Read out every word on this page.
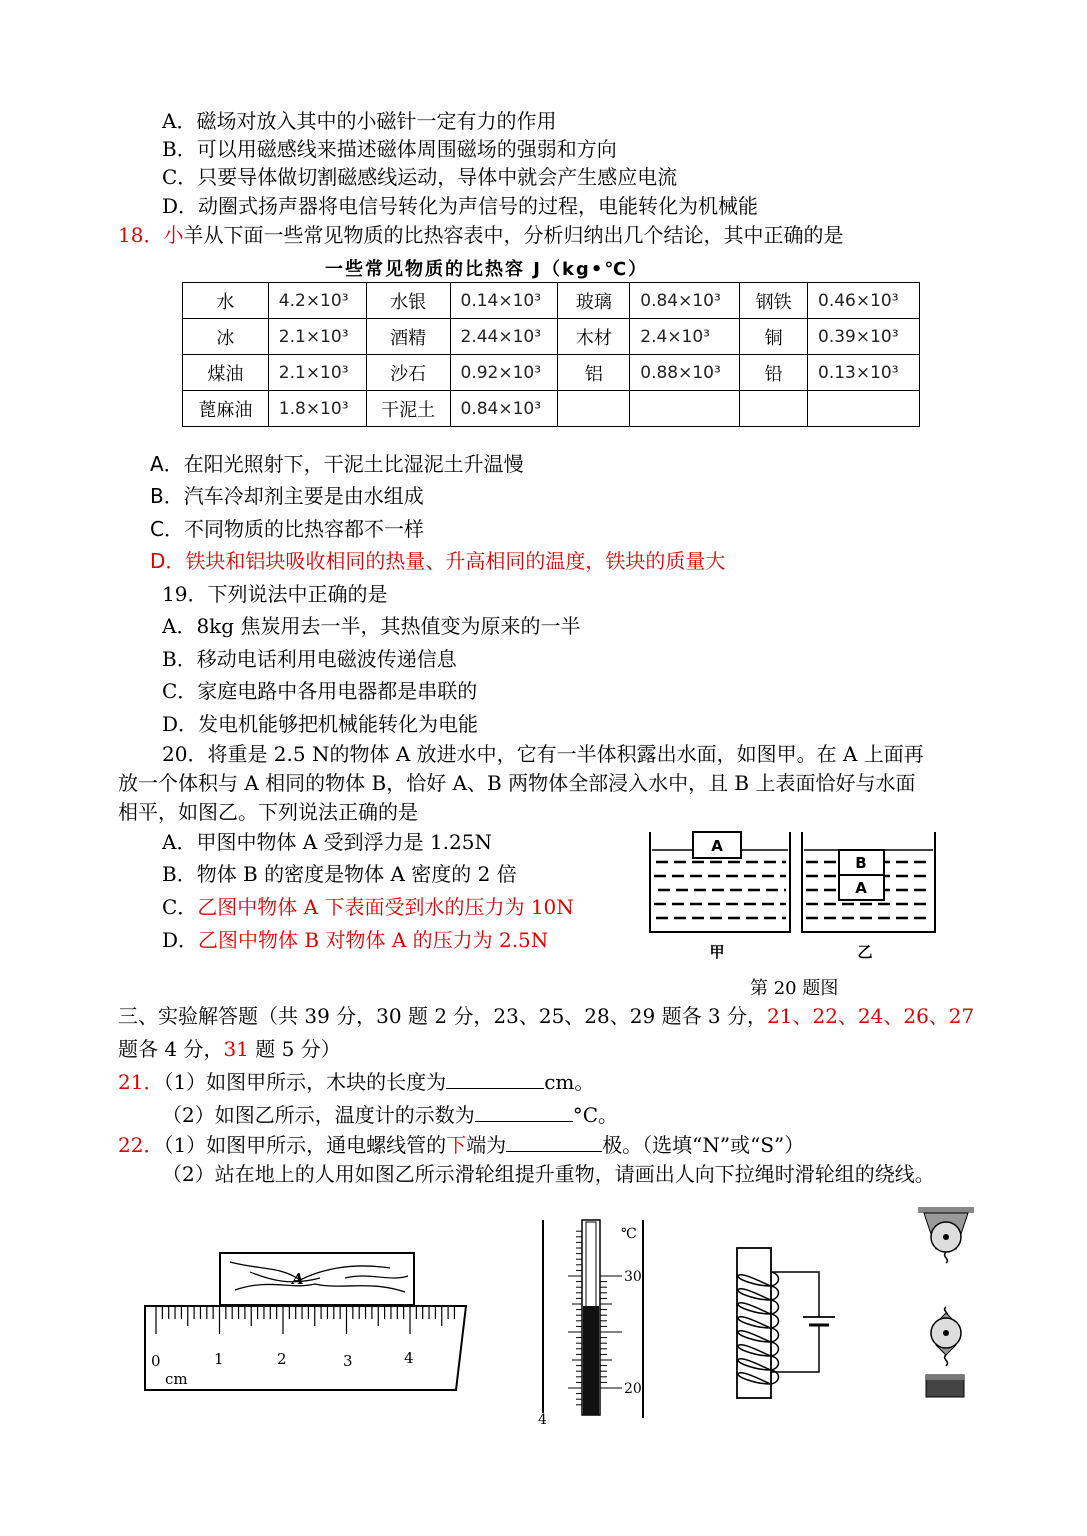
A．磁场对放入其中的小磁针一定有力的作用
B．可以用磁感线来描述磁体周围磁场的强弱和方向
C．只要导体做切割磁感线运动，导体中就会产生感应电流
D．动圈式扬声器将电信号转化为声信号的过程，电能转化为机械能
18．小羊从下面一些常见物质的比热容表中，分析归纳出几个结论，其中正确的是
一些常见物质的比热容 J（kg•℃）
水	4.2×10³	水银	0.14×10³	玻璃	0.84×10³	钢铁	0.46×10³
冰	2.1×10³	酒精	2.44×10³	木材	2.4×10³	铜	0.39×10³
煤油	2.1×10³	沙石	0.92×10³	铝	0.88×10³	铅	0.13×10³
蓖麻油	1.8×10³	干泥土	0.84×10³				
A．在阳光照射下，干泥土比湿泥土升温慢
B．汽车冷却剂主要是由水组成
C．不同物质的比热容都不一样
D．铁块和铝块吸收相同的热量、升高相同的温度，铁块的质量大
19．下列说法中正确的是
A．8kg 焦炭用去一半，其热值变为原来的一半
B．移动电话利用电磁波传递信息
C．家庭电路中各用电器都是串联的
D．发电机能够把机械能转化为电能
20．将重是 2.5 N的物体 A 放进水中，它有一半体积露出水面，如图甲。在 A 上面再
放一个体积与 A 相同的物体 B，恰好 A、B 两物体全部浸入水中，且 B 上表面恰好与水面
相平，如图乙。下列说法正确的是
A．甲图中物体 A 受到浮力是 1.25N
B．物体 B 的密度是物体 A 密度的 2 倍
C．乙图中物体 A 下表面受到水的压力为 10N
D．乙图中物体 B 对物体 A 的压力为 2.5N
A
B
A
甲	乙
第 20 题图
三、实验解答题（共 39 分，30 题 2 分，23、25、28、29 题各 3 分，21、22、24、26、27
题各 4 分，31 题 5 分）
21．（1）如图甲所示，木块的长度为	cm。
（2）如图乙所示，温度计的示数为	°C。
22．（1）如图甲所示，通电螺线管的下端为	极。（选填“N”或“S”）
（2）站在地上的人用如图乙所示滑轮组提升重物，请画出人向下拉绳时滑轮组的绕线。
A
0	1	2	3	4
cm
℃
30
20
4
